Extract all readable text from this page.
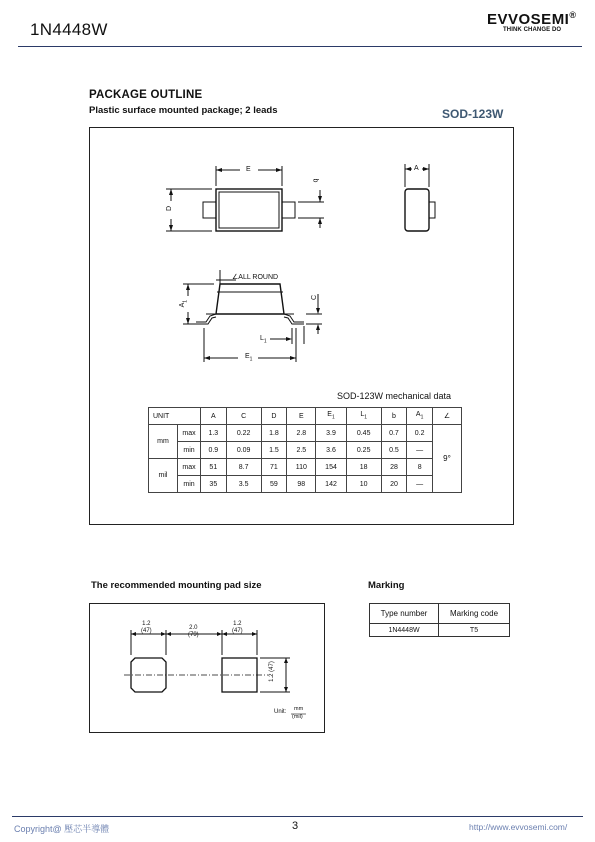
1N4448W
EVVOSEMI®
THINK CHANGE DO
PACKAGE OUTLINE
Plastic surface mounted package; 2 leads	SOD-123W
E
b
D
A
$A_1$
∠ALL ROUND
C
$L_1$
$E_1$
SOD-123W mechanical data
UNIT		A	C	D	E	$E_1$	$L_1$	b	$A_1$	∠
mm	max	1.3	0.22	1.8	2.8	3.9	0.45	0.7	0.2	9°
	min	0.9	0.09	1.5	2.5	3.6	0.25	0.5	—	
mil	max	51	8.7	71	110	154	18	28	8	
	min	35	3.5	59	98	142	10	20	—	
The recommended mounting pad size
1.2
(47)	2.0
(79)
1.2
(47)
1.2 (47)
Unit: mm
(mil)
Marking
Type number	Marking code
1N4448W	T5
Copyright@ 壓芯半導體	3	http://www.evvosemi.com/
